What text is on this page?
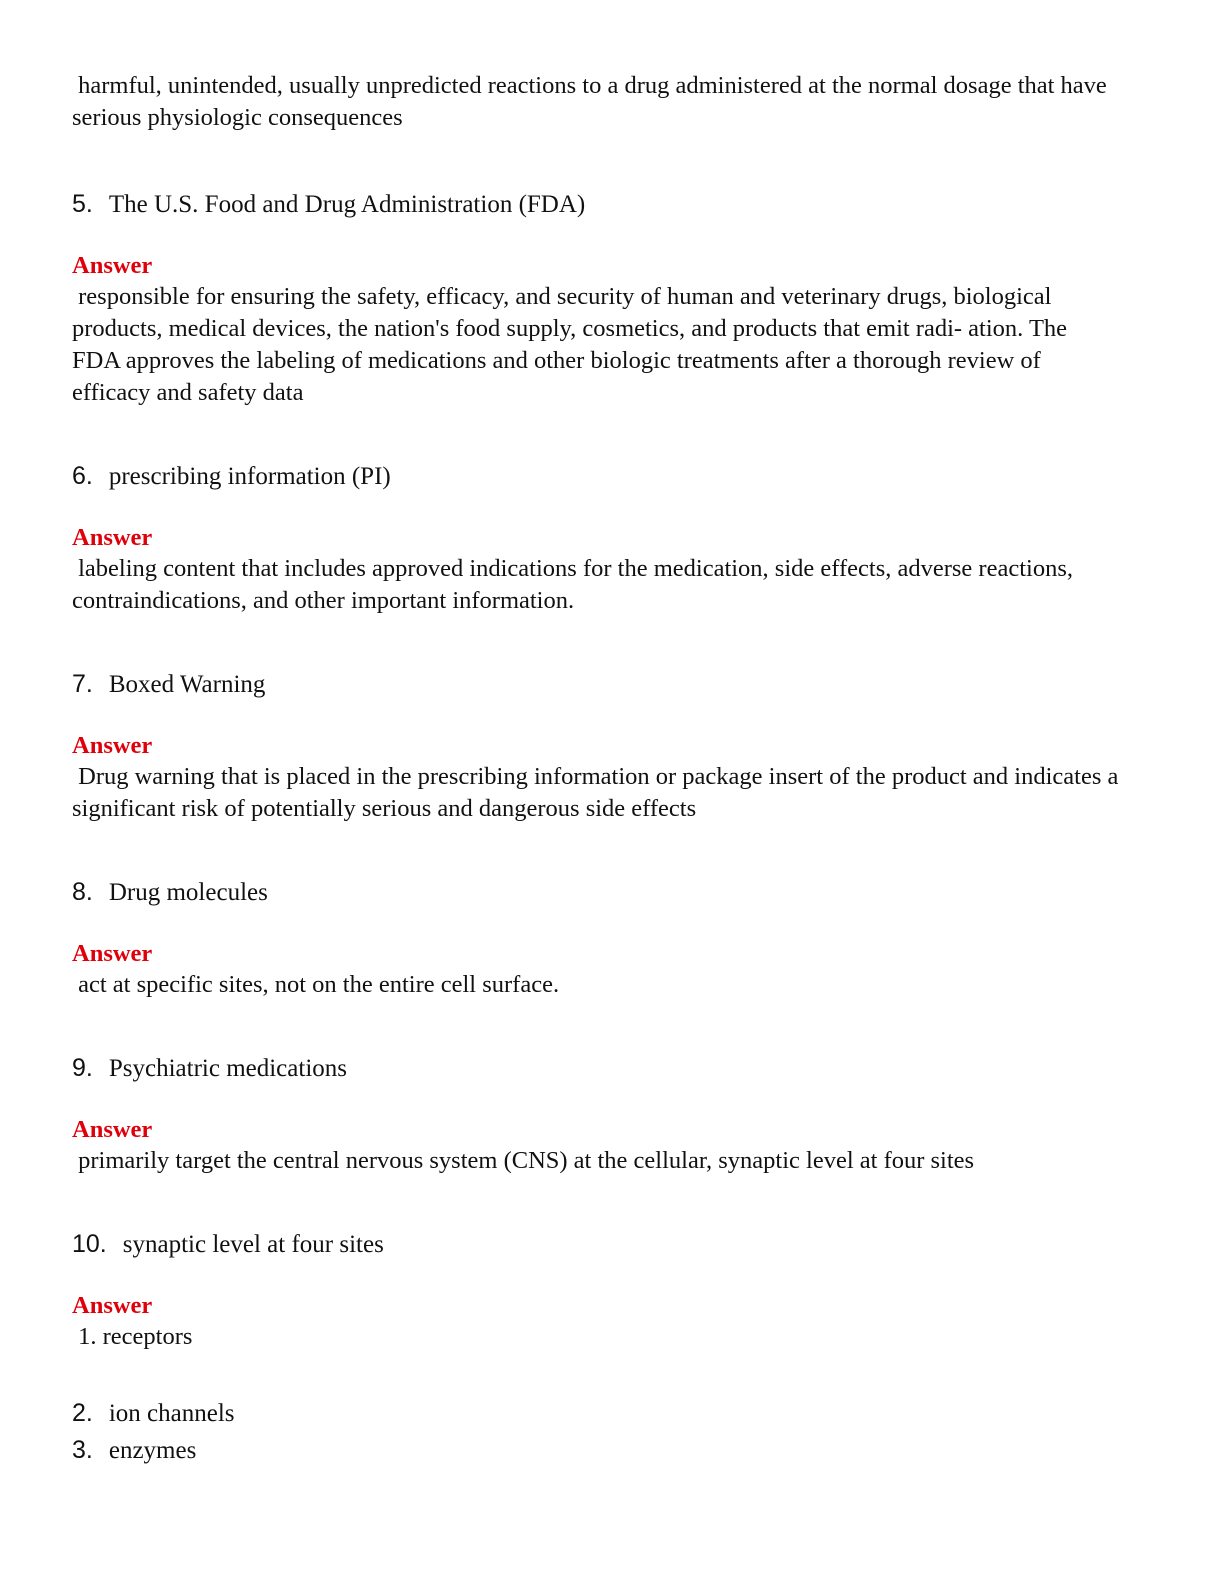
harmful, unintended, usually unpredicted reactions to a drug administered at the normal dosage that have serious physiologic consequences

5. The U.S. Food and Drug Administration (FDA)

Answer

responsible for ensuring the safety, efficacy, and security of human and veterinary drugs, biological products, medical devices, the nation's food supply, cosmetics, and products that emit radi- ation. The FDA approves the labeling of medications and other biologic treatments after a thorough review of efficacy and safety data

6. prescribing information (PI)

Answer

labeling content that includes approved indications for the medication, side effects, adverse reactions, contraindications, and other important information.

7. Boxed Warning

Answer

Drug warning that is placed in the prescribing information or package insert of the product and indicates a significant risk of potentially serious and dangerous side effects

8. Drug molecules

Answer

act at specific sites, not on the entire cell surface.

9. Psychiatric medications

Answer

primarily target the central nervous system (CNS) at the cellular, synaptic level at four sites

10. synaptic level at four sites

Answer

1. receptors

2. ion channels

3. enzymes
